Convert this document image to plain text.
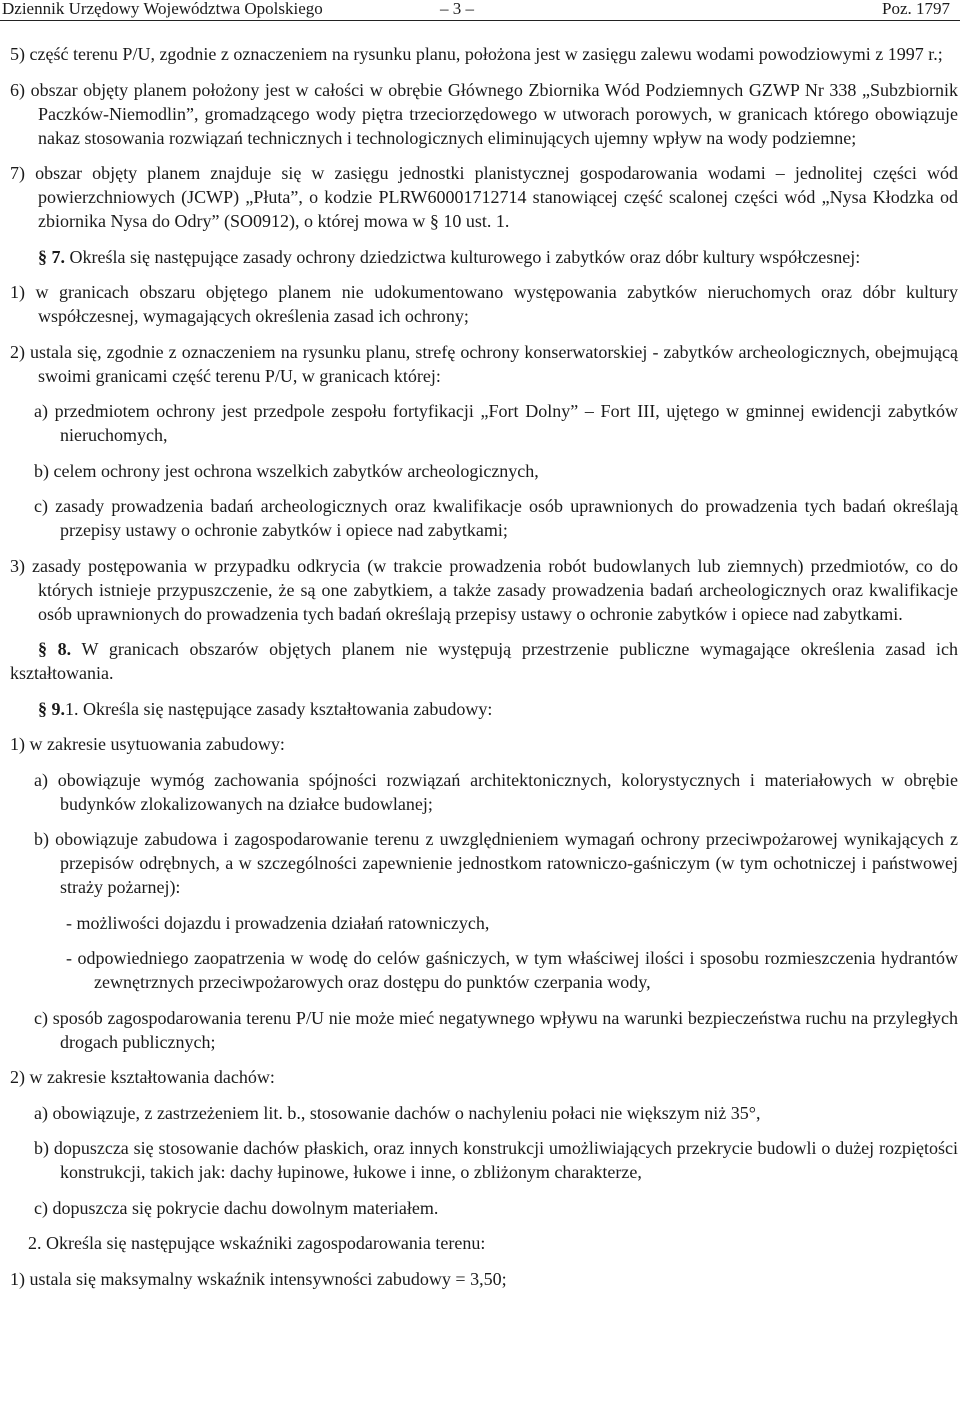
Dziennik Urzędowy Województwa Opolskiego	– 3 –	Poz. 1797

5) część terenu P/U, zgodnie z oznaczeniem na rysunku planu, położona jest w zasięgu zalewu wodami powodziowymi z 1997 r.;

6) obszar objęty planem położony jest w całości w obrębie Głównego Zbiornika Wód Podziemnych GZWP Nr 338 „Subzbiornik Paczków-Niemodlin”, gromadzącego wody piętra trzeciorzędowego w utworach porowych, w granicach którego obowiązuje nakaz stosowania rozwiązań technicznych i technologicznych eliminujących ujemny wpływ na wody podziemne;

7) obszar objęty planem znajduje się w zasięgu jednostki planistycznej gospodarowania wodami – jednolitej części wód powierzchniowych (JCWP) „Płuta”, o kodzie PLRW60001712714 stanowiącej część scalonej części wód „Nysa Kłodzka od zbiornika Nysa do Odry” (SO0912), o której mowa w § 10 ust. 1.

§ 7. Określa się następujące zasady ochrony dziedzictwa kulturowego i zabytków oraz dóbr kultury współczesnej:

1) w granicach obszaru objętego planem nie udokumentowano występowania zabytków nieruchomych oraz dóbr kultury współczesnej, wymagających określenia zasad ich ochrony;

2) ustala się, zgodnie z oznaczeniem na rysunku planu, strefę ochrony konserwatorskiej - zabytków archeologicznych, obejmującą swoimi granicami część terenu P/U, w granicach której:

a) przedmiotem ochrony jest przedpole zespołu fortyfikacji „Fort Dolny” – Fort III, ujętego w gminnej ewidencji zabytków nieruchomych,

b) celem ochrony jest ochrona wszelkich zabytków archeologicznych,

c) zasady prowadzenia badań archeologicznych oraz kwalifikacje osób uprawnionych do prowadzenia tych badań określają przepisy ustawy o ochronie zabytków i opiece nad zabytkami;

3) zasady postępowania w przypadku odkrycia (w trakcie prowadzenia robót budowlanych lub ziemnych) przedmiotów, co do których istnieje przypuszczenie, że są one zabytkiem, a także zasady prowadzenia badań archeologicznych oraz kwalifikacje osób uprawnionych do prowadzenia tych badań określają przepisy ustawy o ochronie zabytków i opiece nad zabytkami.

§ 8. W granicach obszarów objętych planem nie występują przestrzenie publiczne wymagające określenia zasad ich kształtowania.

§ 9.1. Określa się następujące zasady kształtowania zabudowy:

1) w zakresie usytuowania zabudowy:

a) obowiązuje wymóg zachowania spójności rozwiązań architektonicznych, kolorystycznych i materiałowych w obrębie budynków zlokalizowanych na działce budowlanej;

b) obowiązuje zabudowa i zagospodarowanie terenu z uwzględnieniem wymagań ochrony przeciwpożarowej wynikających z przepisów odrębnych, a w szczególności zapewnienie jednostkom ratowniczo-gaśniczym (w tym ochotniczej i państwowej straży pożarnej):

- możliwości dojazdu i prowadzenia działań ratowniczych,

- odpowiedniego zaopatrzenia w wodę do celów gaśniczych, w tym właściwej ilości i sposobu rozmieszczenia hydrantów zewnętrznych przeciwpożarowych oraz dostępu do punktów czerpania wody,

c) sposób zagospodarowania terenu P/U nie może mieć negatywnego wpływu na warunki bezpieczeństwa ruchu na przyległych drogach publicznych;

2) w zakresie kształtowania dachów:

a) obowiązuje, z zastrzeżeniem lit. b., stosowanie dachów o nachyleniu połaci nie większym niż 35°,

b) dopuszcza się stosowanie dachów płaskich, oraz innych konstrukcji umożliwiających przekrycie budowli o dużej rozpiętości konstrukcji, takich jak: dachy łupinowe, łukowe i inne, o zbliżonym charakterze,

c) dopuszcza się pokrycie dachu dowolnym materiałem.

2. Określa się następujące wskaźniki zagospodarowania terenu:

1) ustala się maksymalny wskaźnik intensywności zabudowy = 3,50;
